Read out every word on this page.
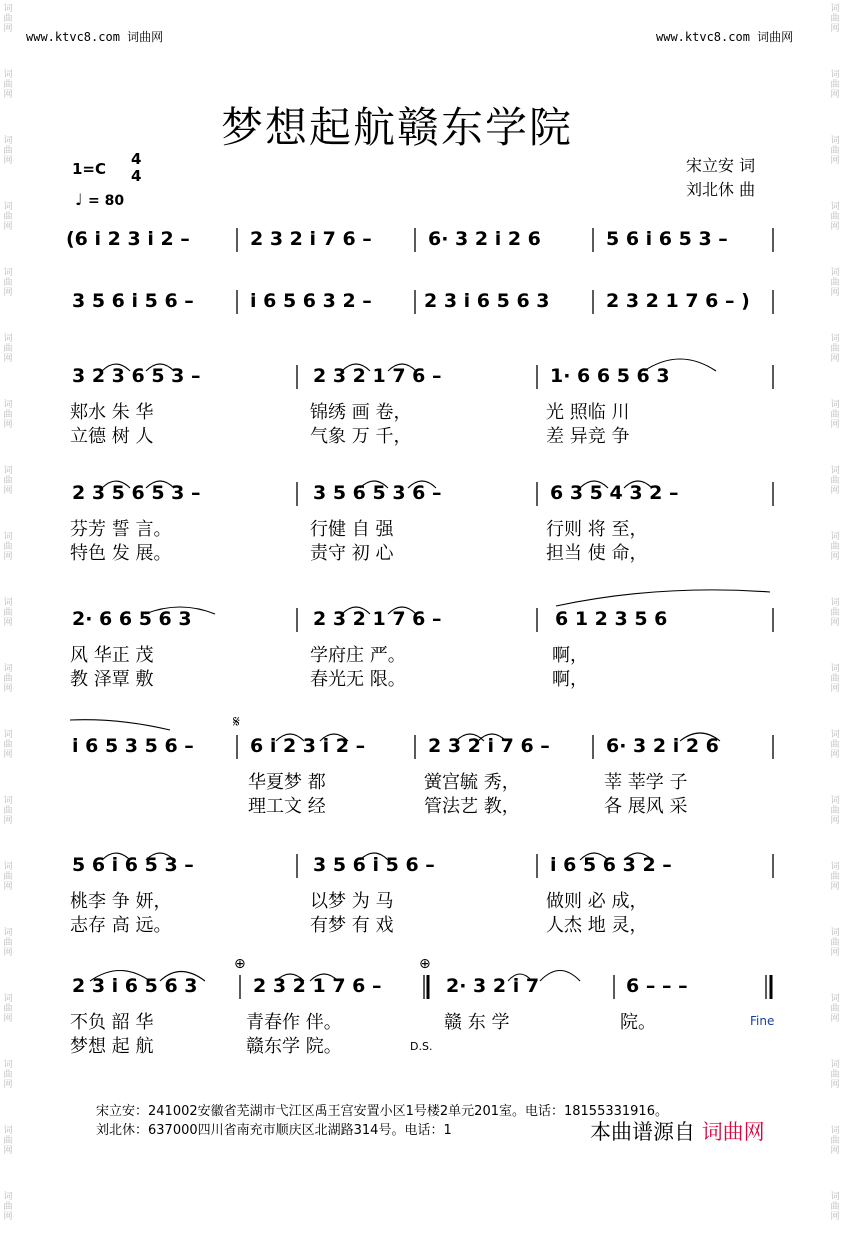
词
曲
网
词
曲
网
词
曲
网
词
曲
网
词
曲
网
词
曲
网
词
曲
网
词
曲
网
词
曲
网
词
曲
网
词
曲
网
词
曲
网
词
曲
网
词
曲
网
词
曲
网
词
曲
网
词
曲
网
词
曲
网
词
曲
网
词
曲
网
词
曲
网
词
曲
网
词
曲
网
词
曲
网
词
曲
网
词
曲
网
词
曲
网
词
曲
网
词
曲
网
词
曲
网
词
曲
网
词
曲
网
词
曲
网
词
曲
网
词
曲
网
词
曲
网
词
曲
网
词
曲
网
www.ktvc8.com 词曲网	www.ktvc8.com 词曲网
梦想起航赣东学院
1=C
4
4
♩ = 80
宋立安 词
刘北休 曲
(6 i 2 3 i 2 –	2 3 2 i 7 6 –	6· 3 2 i 2 6	5 6 i 6 5 3 –
3 5 6 i 5 6 –	i 6 5 6 3 2 –	2 3 i 6 5 6 3	2 3 2 1 7 6 – )
3 2 3 6 5 3 –	2 3 2 1 7 6 –	1· 6 6 5 6 3
郏水 朱 华	锦绣 画 卷，	光 照临 川
立德 树 人	气象 万 千，	差 异竞 争
2 3 5 6 5 3 –	3 5 6 5 3 6 –	6 3 5 4 3 2 –
芬芳 誓 言。	行健 自 强	行则 将 至，
特色 发 展。	责守 初 心	担当 使 命，
2· 6 6 5 6 3	2 3 2 1 7 6 –	6 1 2 3 5 6
风 华正 茂	学府庄 严。	啊，
教 泽覃 敷	春光无 限。	啊，
𝄋
i 6 5 3 5 6 –	6 i 2 3 i 2 –	2 3 2 i 7 6 –	6· 3 2 i 2 6
华夏梦 都	黉宫毓 秀，	莘 莘学 子
理工文 经	管法艺 教，	各 展风 采
5 6 i 6 5 3 –	3 5 6 i 5 6 –	i 6 5 6 3 2 –
桃李 争 妍，	以梦 为 马	做则 必 成，
志存 高 远。	有梦 有 戏	人杰 地 灵，
⊕	⊕
2 3 i 6 5 6 3	2 3 2 1 7 6 –	2· 3 2 i 7	6 – – –
不负 韶 华	青春作 伴。	赣 东 学	院。
梦想 起 航	赣东学 院。
Fine
D.S.
宋立安：241002安徽省芜湖市弋江区禹王宫安置小区1号楼2单元201室。电话：18155331916。
刘北休：637000四川省南充市顺庆区北湖路314号。电话：1	本曲谱源自 词曲网
